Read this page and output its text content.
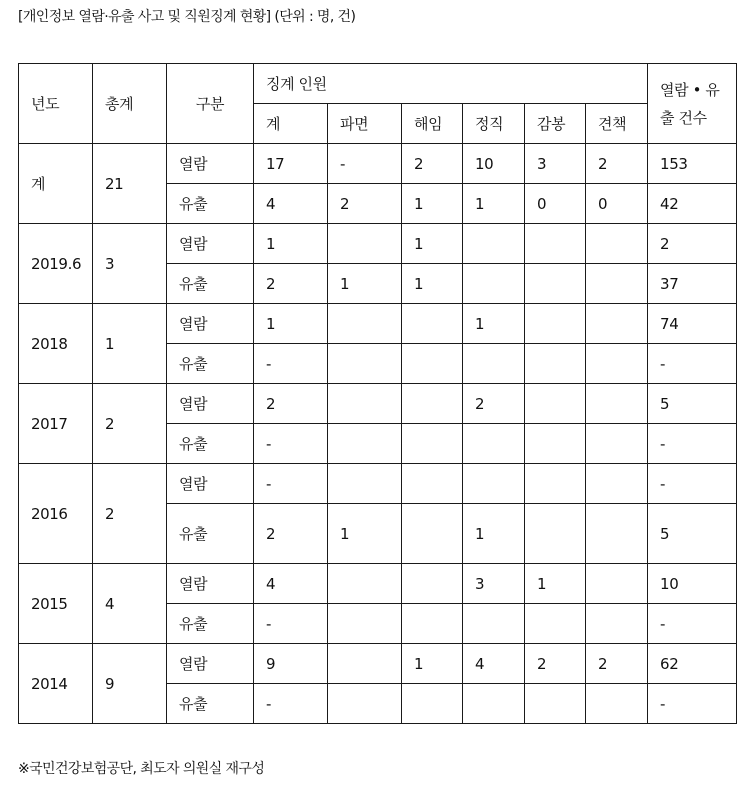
[개인정보 열람·유출 사고 및 직원징계 현황] (단위 : 명, 건)
년도	총계	구분	징계 인원						열람 • 유
출 건수

			계	파면	해임	정직	감봉	견책	
계	21	열람	17	-	2	10	3	2	153
		유출	4	2	1	1	0	0	42
2019.6	3	열람	1		1				2
		유출	2	1	1				37
2018	1	열람	1			1			74
		유출	-						-
2017	2	열람	2			2			5
		유출	-						-
2016	2	열람	-						-
		유출	2	1		1			5
2015	4	열람	4			3	1		10
		유출	-						-
2014	9	열람	9		1	4	2	2	62
		유출	-						-
※국민건강보험공단, 최도자 의원실 재구성
